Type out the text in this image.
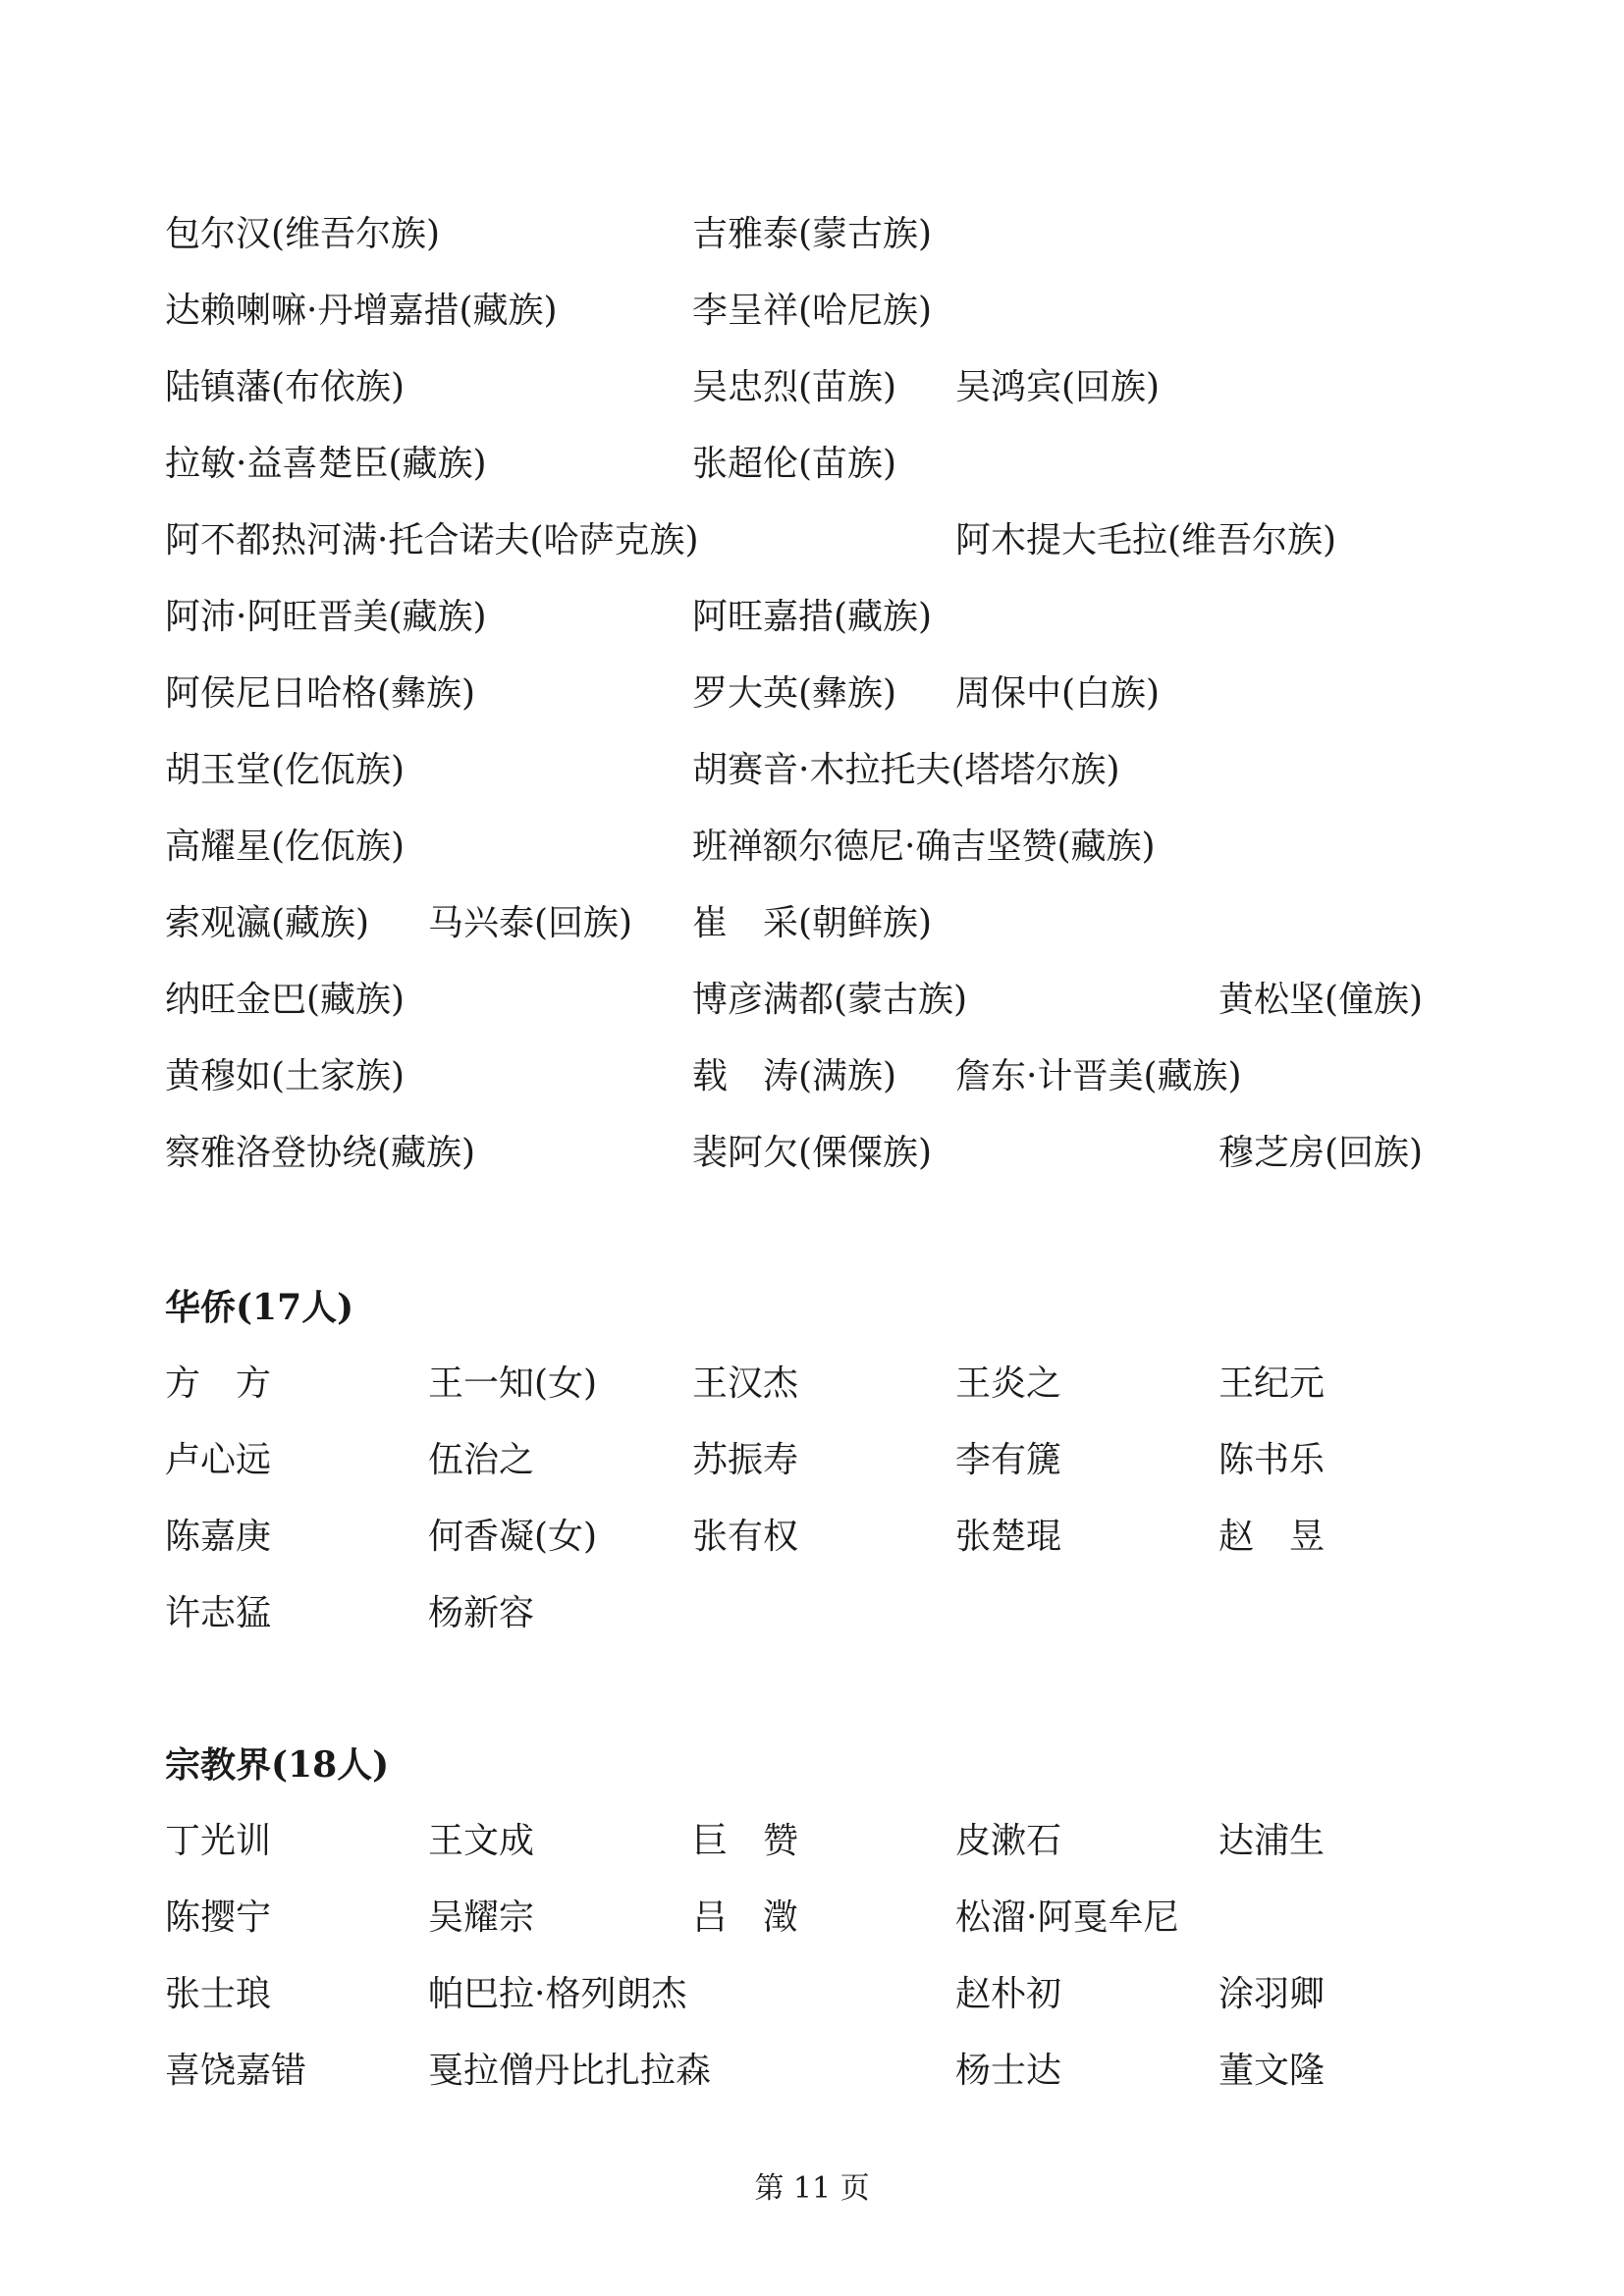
包尔汉(维吾尔族)	吉雅泰(蒙古族)
达赖喇嘛·丹增嘉措(藏族)	李呈祥(哈尼族)
陆镇藩(布依族)	吴忠烈(苗族) 吴鸿宾(回族)
拉敏·益喜楚臣(藏族)	张超伦(苗族)
阿不都热河满·托合诺夫(哈萨克族)	阿木提大毛拉(维吾尔族)
阿沛·阿旺晋美(藏族)	阿旺嘉措(藏族)
阿侯尼日哈格(彝族)	罗大英(彝族) 周保中(白族)
胡玉堂(仡佤族)	胡赛音·木拉托夫(塔塔尔族)
高耀星(仡佤族)	班禅额尔德尼·确吉坚赞(藏族)
索观瀛(藏族) 马兴泰(回族) 崔　采(朝鲜族)
纳旺金巴(藏族)	博彦满都(蒙古族)	黄松坚(僮族)
黄穆如(土家族)	载　涛(满族) 詹东·计晋美(藏族)
察雅洛登协绕(藏族)	裴阿欠(傈僳族)	穆芝房(回族)
华侨(17人)
方　方	王一知(女)	王汉杰	王炎之	王纪元
卢心远	伍治之	苏振寿	李有篪	陈书乐
陈嘉庚	何香凝(女)	张有权	张楚琨	赵　昱
许志猛	杨新容
宗教界(18人)
丁光训	王文成	巨　赞	皮漱石	达浦生
陈撄宁	吴耀宗	吕　澂	松溜·阿戛牟尼
张士琅	帕巴拉·格列朗杰	赵朴初	涂羽卿
喜饶嘉错	戛拉僧丹比扎拉森	杨士达	董文隆
第 11 页
